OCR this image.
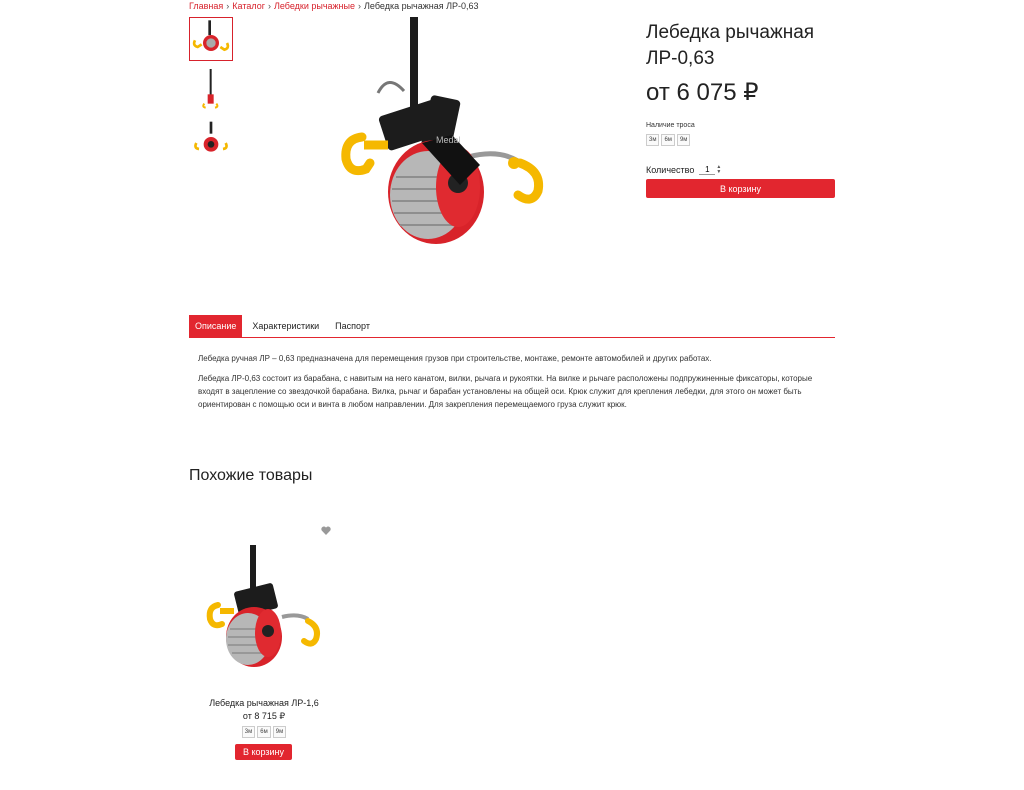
Главная › Каталог › Лебедки рычажные › Лебедка рычажная ЛР-0,63
Medal
Лебедка рычажная ЛР-0,63
от 6 075 ₽
Наличие троса
3м	6м	9м
Количество
1	▲
▼
В корзину
Описание	Характеристики	Паспорт

Лебедка ручная ЛР – 0,63 предназначена для перемещения грузов при строительстве, монтаже, ремонте автомобилей и других работах.

Лебедка ЛР-0,63 состоит из барабана, с навитым на него канатом, вилки, рычага и рукоятки. На вилке и рычаге расположены подпружиненные фиксаторы, которые входят в зацепление со звездочкой барабана. Вилка, рычаг и барабан установлены на общей оси. Крюк служит для крепления лебедки, для этого он может быть ориентирован с помощью оси и винта в любом направлении. Для закрепления перемещаемого груза служит крюк.

Похожие товары
Лебедка рычажная ЛР-1,6
от 8 715 ₽
3м	6м	9м
В корзину
